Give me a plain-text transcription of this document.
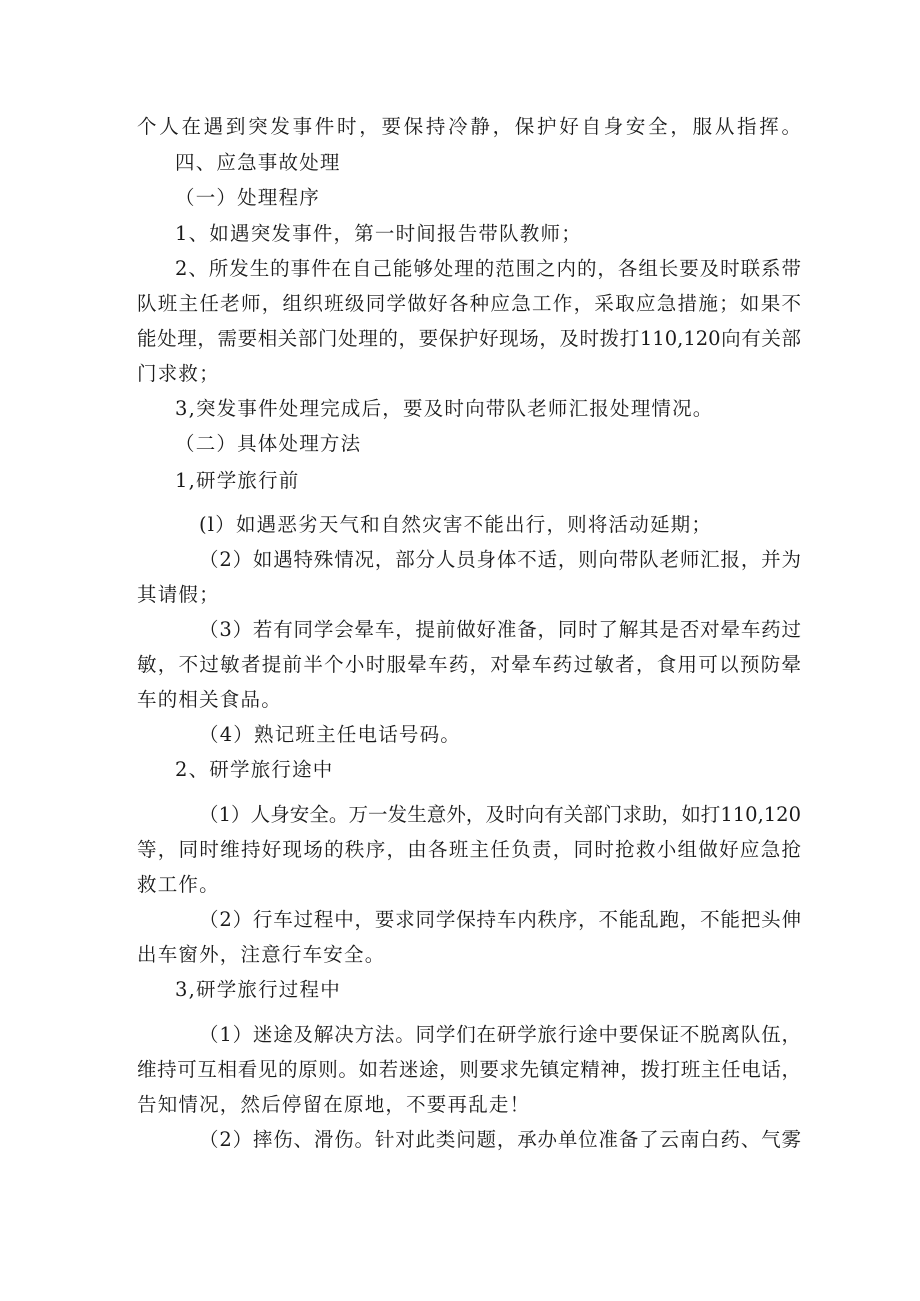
个人在遇到突发事件时，要保持冷静，保护好自身安全，服从指挥。
四、应急事故处理
（一）处理程序
1、如遇突发事件，第一时间报告带队教师；
2、所发生的事件在自己能够处理的范围之内的，各组长要及时联系带
队班主任老师，组织班级同学做好各种应急工作，采取应急措施；如果不
能处理，需要相关部门处理的，要保护好现场，及时拨打110,120向有关部
门求救；
3,突发事件处理完成后，要及时向带队老师汇报处理情况。
（二）具体处理方法
1,研学旅行前
(l）如遇恶劣天气和自然灾害不能出行，则将活动延期；
（2）如遇特殊情况，部分人员身体不适，则向带队老师汇报，并为
其请假；
（3）若有同学会晕车，提前做好准备，同时了解其是否对晕车药过
敏，不过敏者提前半个小时服晕车药，对晕车药过敏者，食用可以预防晕
车的相关食品。
（4）熟记班主任电话号码。
2、研学旅行途中
（1）人身安全。万一发生意外，及时向有关部门求助，如打110,120
等，同时维持好现场的秩序，由各班主任负责，同时抢救小组做好应急抢
救工作。
（2）行车过程中，要求同学保持车内秩序，不能乱跑，不能把头伸
出车窗外，注意行车安全。
3,研学旅行过程中
（1）迷途及解决方法。同学们在研学旅行途中要保证不脱离队伍，
维持可互相看见的原则。如若迷途，则要求先镇定精神，拨打班主任电话，
告知情况，然后停留在原地，不要再乱走！
（2）摔伤、滑伤。针对此类问题，承办单位准备了云南白药、气雾
